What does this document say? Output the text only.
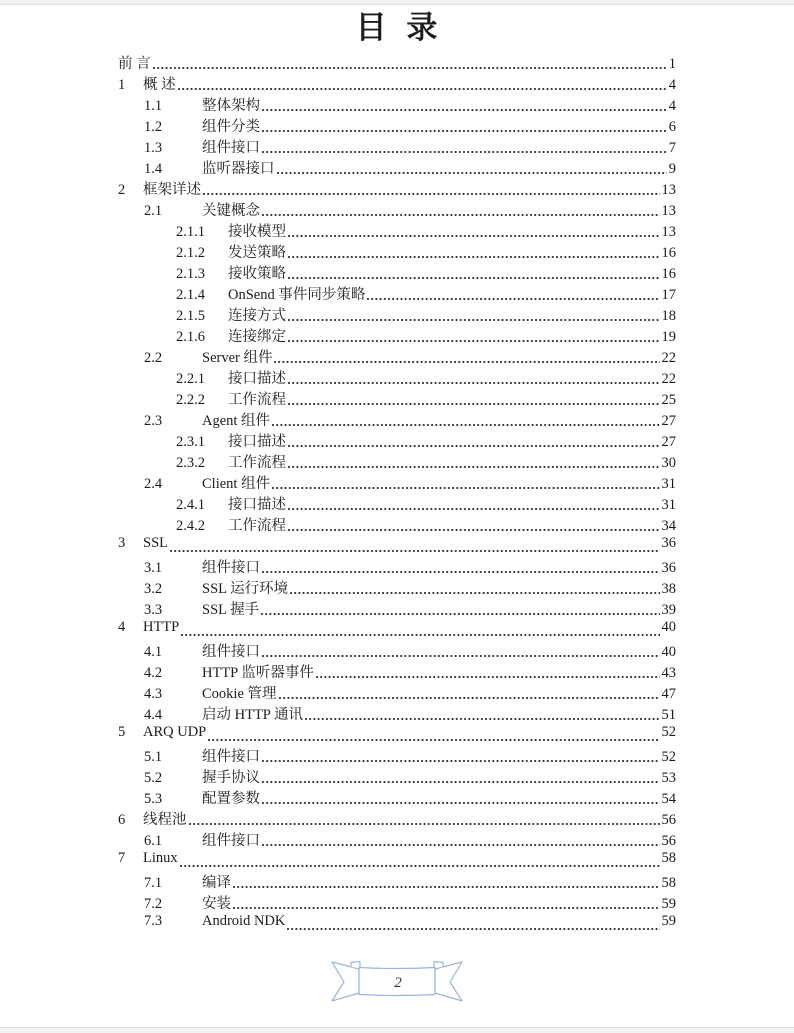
目 录
前 言	1
1	概 述	4
1.1	整体架构	4
1.2	组件分类	6
1.3	组件接口	7
1.4	监听器接口	9
2	框架详述	13
2.1	关键概念	13
2.1.1	接收模型	13
2.1.2	发送策略	16
2.1.3	接收策略	16
2.1.4	OnSend 事件同步策略	17
2.1.5	连接方式	18
2.1.6	连接绑定	19
2.2	Server 组件	22
2.2.1	接口描述	22
2.2.2	工作流程	25
2.3	Agent 组件	27
2.3.1	接口描述	27
2.3.2	工作流程	30
2.4	Client 组件	31
2.4.1	接口描述	31
2.4.2	工作流程	34
3	SSL	36
3.1	组件接口	36
3.2	SSL 运行环境	38
3.3	SSL 握手	39
4	HTTP	40
4.1	组件接口	40
4.2	HTTP 监听器事件	43
4.3	Cookie 管理	47
4.4	启动 HTTP 通讯	51
5	ARQ UDP	52
5.1	组件接口	52
5.2	握手协议	53
5.3	配置参数	54
6	线程池	56
6.1	组件接口	56
7	Linux	58
7.1	编译	58
7.2	安装	59
7.3	Android NDK	59
2
